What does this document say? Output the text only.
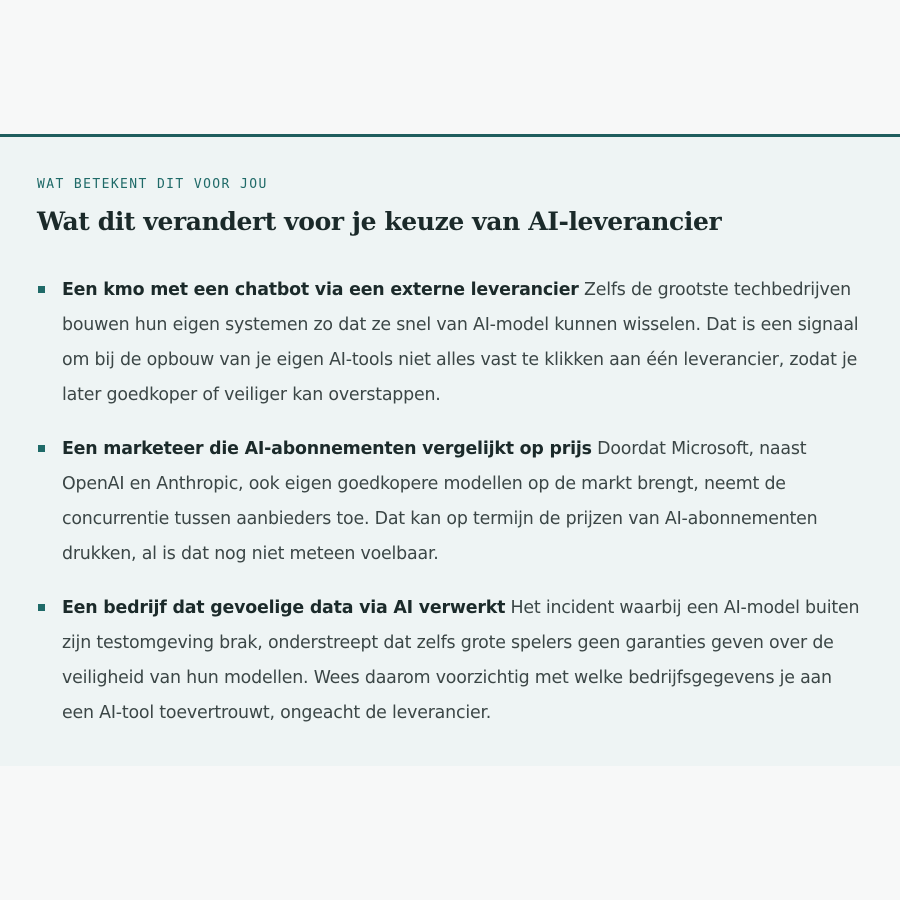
WAT BETEKENT DIT VOOR JOU
Wat dit verandert voor je keuze van AI-leverancier
Een kmo met een chatbot via een externe leverancier Zelfs de grootste techbedrijven bouwen hun eigen systemen zo dat ze snel van AI-model kunnen wisselen. Dat is een signaal om bij de opbouw van je eigen AI-tools niet alles vast te klikken aan één leverancier, zodat je later goedkoper of veiliger kan overstappen.
Een marketeer die AI-abonnementen vergelijkt op prijs Doordat Microsoft, naast OpenAI en Anthropic, ook eigen goedkopere modellen op de markt brengt, neemt de concurrentie tussen aanbieders toe. Dat kan op termijn de prijzen van AI-abonnementen drukken, al is dat nog niet meteen voelbaar.
Een bedrijf dat gevoelige data via AI verwerkt Het incident waarbij een AI-model buiten zijn testomgeving brak, onderstreept dat zelfs grote spelers geen garanties geven over de veiligheid van hun modellen. Wees daarom voorzichtig met welke bedrijfsgegevens je aan een AI-tool toevertrouwt, ongeacht de leverancier.
